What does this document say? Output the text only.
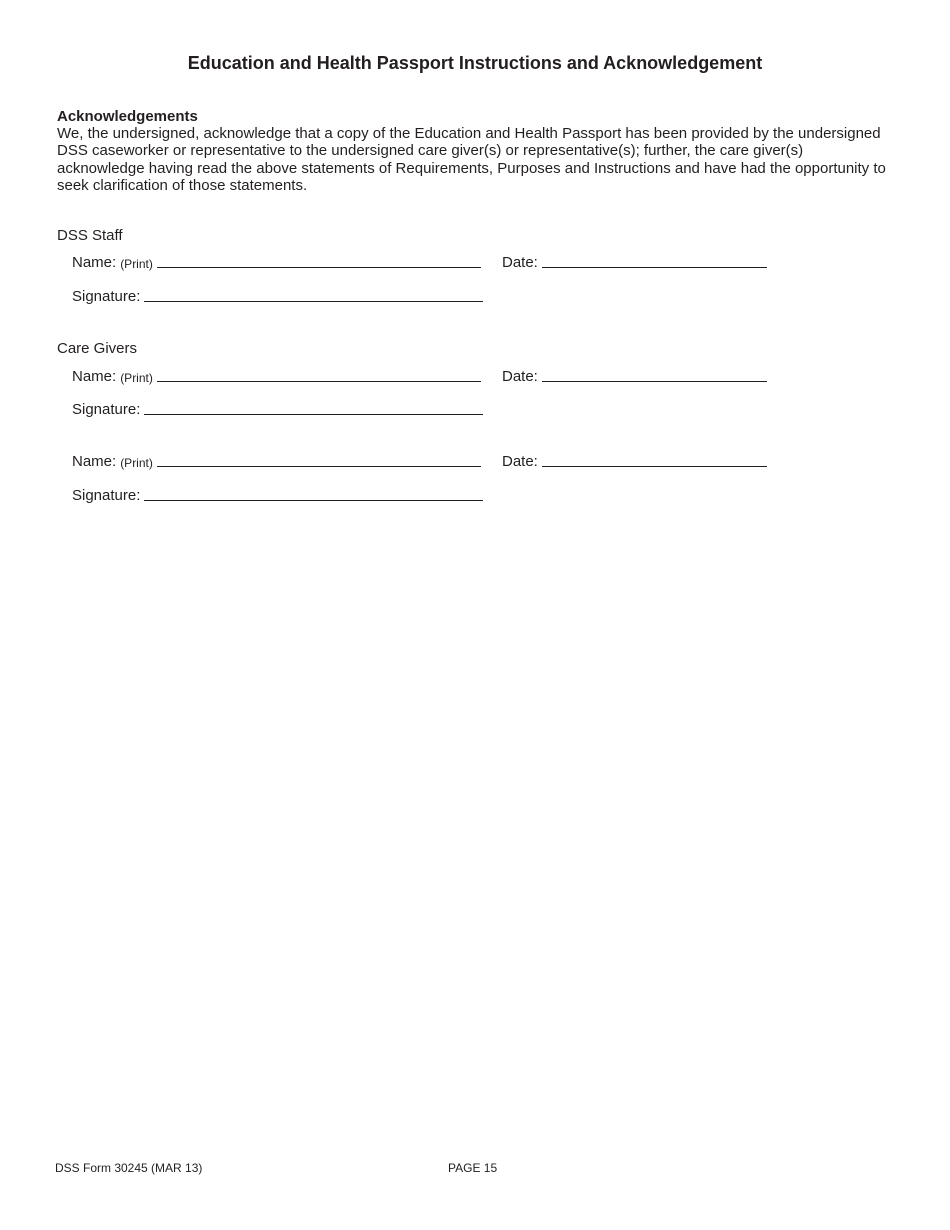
Education and Health Passport Instructions and Acknowledgement
Acknowledgements

We, the undersigned, acknowledge that a copy of the Education and Health Passport has been provided by the undersigned DSS caseworker or representative to the undersigned care giver(s) or representative(s); further, the care giver(s) acknowledge having read the above statements of Requirements, Purposes and Instructions and have had the opportunity to seek clarification of those statements.

DSS Staff
Name: (Print)	Date:
Signature:
Care Givers
Name: (Print)	Date:
Signature:
Name: (Print)	Date:
Signature:
DSS Form 30245 (MAR 13)	PAGE 15
